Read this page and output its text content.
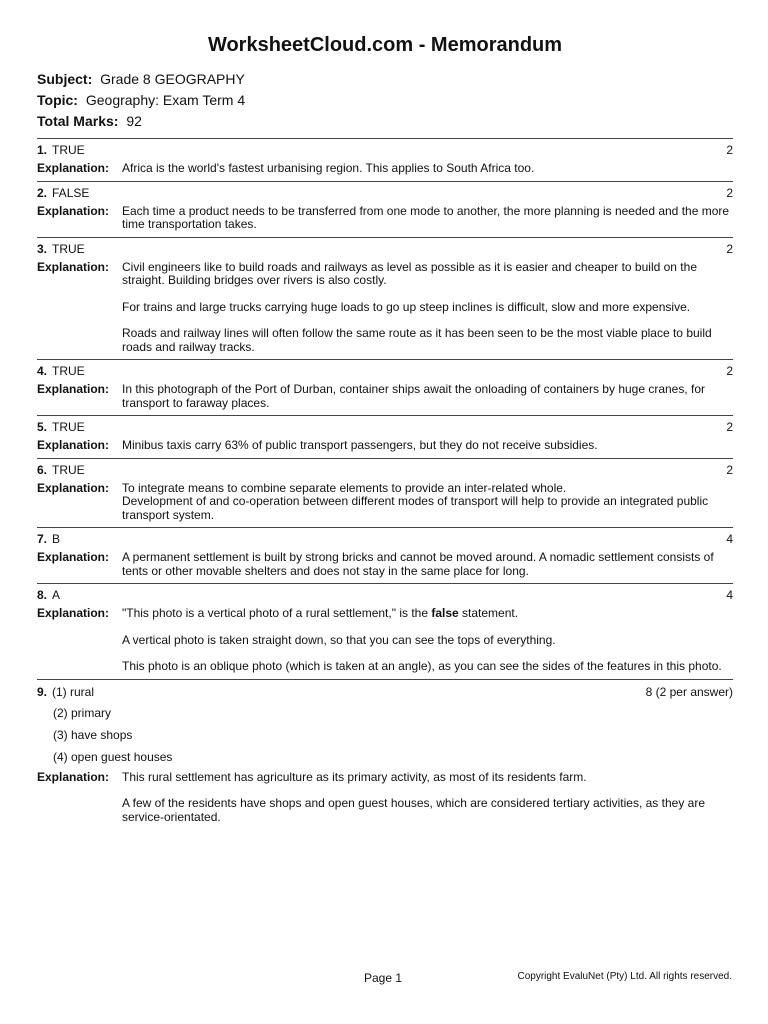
WorksheetCloud.com - Memorandum
Subject: Grade 8 GEOGRAPHY
Topic: Geography: Exam Term 4
Total Marks: 92
1. TRUE	2
Explanation:	Africa is the world's fastest urbanising region. This applies to South Africa too.
2. FALSE	2
Explanation:	Each time a product needs to be transferred from one mode to another, the more planning is needed and the more time transportation takes.
3. TRUE	2
Explanation:	Civil engineers like to build roads and railways as level as possible as it is easier and cheaper to build on the straight. Building bridges over rivers is also costly.
For trains and large trucks carrying huge loads to go up steep inclines is difficult, slow and more expensive.
Roads and railway lines will often follow the same route as it has been seen to be the most viable place to build roads and railway tracks.
4. TRUE	2
Explanation:	In this photograph of the Port of Durban, container ships await the onloading of containers by huge cranes, for transport to faraway places.
5. TRUE	2
Explanation:	Minibus taxis carry 63% of public transport passengers, but they do not receive subsidies.
6. TRUE	2
Explanation:	To integrate means to combine separate elements to provide an inter-related whole.
Development of and co-operation between different modes of transport will help to provide an integrated public transport system.
7. B	4
Explanation:	A permanent settlement is built by strong bricks and cannot be moved around. A nomadic settlement consists of tents or other movable shelters and does not stay in the same place for long.
8. A	4
Explanation:	"This photo is a vertical photo of a rural settlement," is the false statement.
A vertical photo is taken straight down, so that you can see the tops of everything.
This photo is an oblique photo (which is taken at an angle), as you can see the sides of the features in this photo.
9. (1) rural	8 (2 per answer)
(2) primary
(3) have shops
(4) open guest houses
Explanation:	This rural settlement has agriculture as its primary activity, as most of its residents farm.
A few of the residents have shops and open guest houses, which are considered tertiary activities, as they are service-orientated.
Page 1	Copyright EvaluNet (Pty) Ltd. All rights reserved.
